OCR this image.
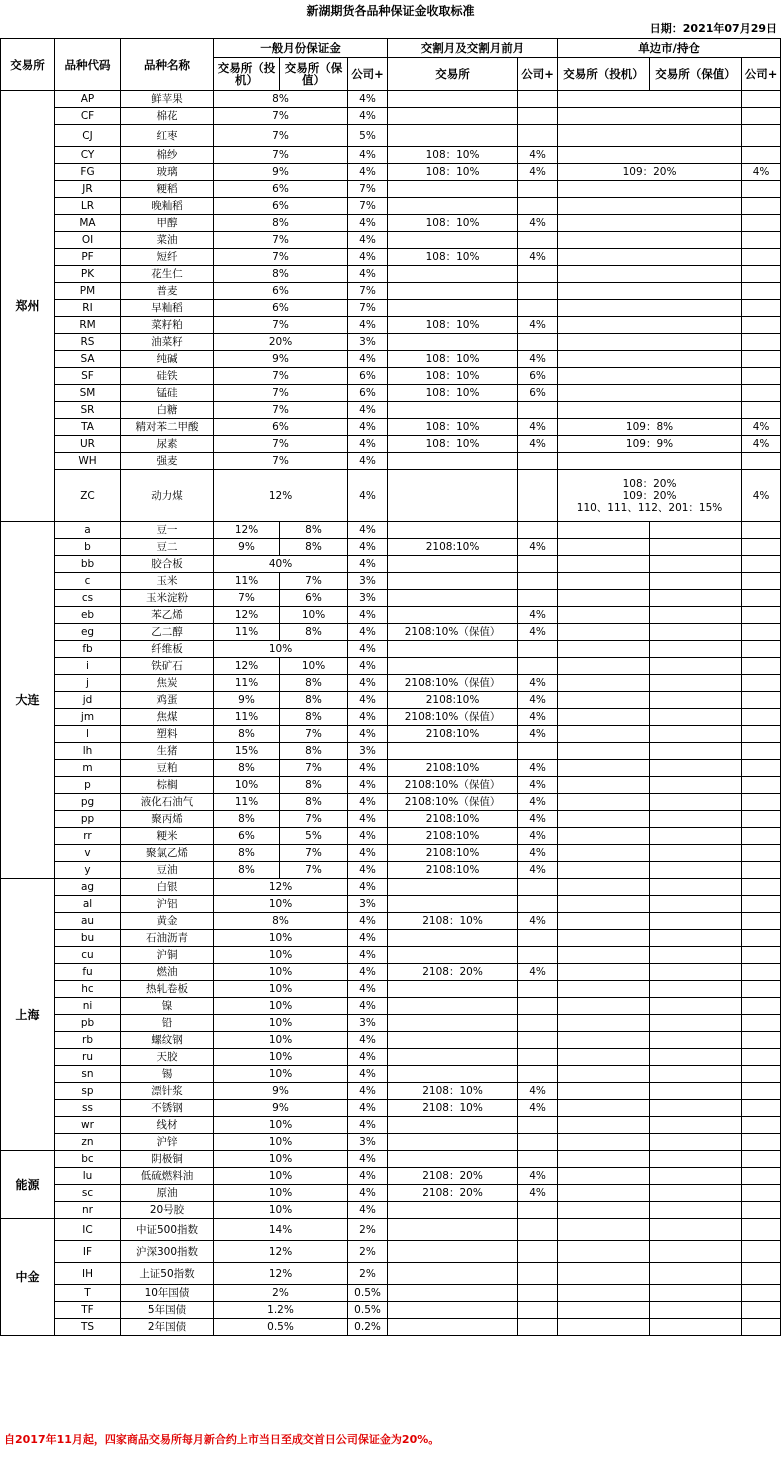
新湖期货各品种保证金收取标准
日期：2021年07月29日
交易所	品种代码	品种名称	一般月份保证金			交割月及交割月前月		单边市/持仓		
			交易所（投机）	交易所（保值）	公司+	交易所	公司+	交易所（投机）	交易所（保值）	公司+
郑州	AP	鲜苹果	8%		4%					
	CF	棉花	7%		4%					
	CJ	红枣	7%		5%					
	CY	棉纱	7%		4%	108：10%	4%			
	FG	玻璃	9%		4%	108：10%	4%	109：20%		4%
	JR	粳稻	6%		7%					
	LR	晚籼稻	6%		7%					
	MA	甲醇	8%		4%	108：10%	4%			
	OI	菜油	7%		4%					
	PF	短纤	7%		4%	108：10%	4%			
	PK	花生仁	8%		4%					
	PM	普麦	6%		7%					
	RI	早籼稻	6%		7%					
	RM	菜籽粕	7%		4%	108：10%	4%			
	RS	油菜籽	20%		3%					
	SA	纯碱	9%		4%	108：10%	4%			
	SF	硅铁	7%		6%	108：10%	6%			
	SM	锰硅	7%		6%	108：10%	6%			
	SR	白糖	7%		4%					
	TA	精对苯二甲酸	6%		4%	108：10%	4%	109：8%		4%
	UR	尿素	7%		4%	108：10%	4%	109：9%		4%
	WH	强麦	7%		4%					
	ZC	动力煤	12%		4%			108：20%
109：20%
110、111、112、201：15%		4%
大连	a	豆一	12%	8%	4%					
	b	豆二	9%	8%	4%	2108:10%	4%			
	bb	胶合板	40%		4%					
	c	玉米	11%	7%	3%					
	cs	玉米淀粉	7%	6%	3%					
	eb	苯乙烯	12%	10%	4%		4%			
	eg	乙二醇	11%	8%	4%	2108:10%（保值）	4%			
	fb	纤维板	10%		4%					
	i	铁矿石	12%	10%	4%					
	j	焦炭	11%	8%	4%	2108:10%（保值）	4%			
	jd	鸡蛋	9%	8%	4%	2108:10%	4%			
	jm	焦煤	11%	8%	4%	2108:10%（保值）	4%			
	l	塑料	8%	7%	4%	2108:10%	4%			
	lh	生猪	15%	8%	3%					
	m	豆粕	8%	7%	4%	2108:10%	4%			
	p	棕榈	10%	8%	4%	2108:10%（保值）	4%			
	pg	液化石油气	11%	8%	4%	2108:10%（保值）	4%			
	pp	聚丙烯	8%	7%	4%	2108:10%	4%			
	rr	粳米	6%	5%	4%	2108:10%	4%			
	v	聚氯乙烯	8%	7%	4%	2108:10%	4%			
	y	豆油	8%	7%	4%	2108:10%	4%			
上海	ag	白银	12%		4%					
	al	沪铝	10%		3%					
	au	黄金	8%		4%	2108：10%	4%			
	bu	石油沥青	10%		4%					
	cu	沪铜	10%		4%					
	fu	燃油	10%		4%	2108：20%	4%			
	hc	热轧卷板	10%		4%					
	ni	镍	10%		4%					
	pb	铅	10%		3%					
	rb	螺纹钢	10%		4%					
	ru	天胶	10%		4%					
	sn	锡	10%		4%					
	sp	漂针浆	9%		4%	2108：10%	4%			
	ss	不锈钢	9%		4%	2108：10%	4%			
	wr	线材	10%		4%					
	zn	沪锌	10%		3%					
能源	bc	阴极铜	10%		4%					
	lu	低硫燃料油	10%		4%	2108：20%	4%			
	sc	原油	10%		4%	2108：20%	4%			
	nr	20号胶	10%		4%					
中金	IC	中证500指数	14%		2%					
	IF	沪深300指数	12%		2%					
	IH	上证50指数	12%		2%					
	T	10年国债	2%		0.5%					
	TF	5年国债	1.2%		0.5%					
	TS	2年国债	0.5%		0.2%					
自2017年11月起，四家商品交易所每月新合约上市当日至成交首日公司保证金为20%。
